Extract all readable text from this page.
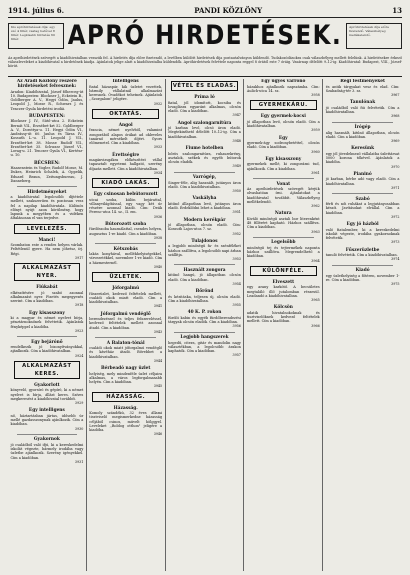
1914. július 6.	PANDI KÖZLÖNY	13
Kis apróhirdetések díja: egy szó 4 fillér, vastag betűvel 8 fillér. Legkisebb hirdetés 60 fillér.	APRÓ HIRDETÉSEK.	Apróhirdetések díja előre fizetendő. Válaszbélyeg mellékelendő.
Az apróhirdetések szövegét a kiadóhivatalban vesszük fel. A hirdetés díja előre fizetendő, a levélben küldött hirdetések díja postautalványon küldendő. Tudakozódásokra csak válaszbélyeg mellett felelünk. A hirdetésekre érkező válaszleveleket a kiadóhivatal a hirdetőnek kiadja. Ajánlatok jelige alatt a kiadóhivatalba küldendők. Apróhirdetések felvétele naponta reggel 8 órától este 7 óráig. Vasárnap délelőtt 9–12-ig. Kiadóhivatal: Budapest, VIII., József-körút.
Az Aradi Közlöny részére hirdetéseket felvesznek:
Aradon: Kiadóhivatal, József főherceg-út 10. Budapesten: Blockner J., Eckstein B., Goldberger A. V., Hegyi Ödön, Jaulus, Leopold J., Mosse R., Schwarz J. és Tenczer Gyula hirdetési irodái.
BUDAPESTEN:
Blockner J. IV., Sütő-utca 2. Eckstein Bernát VII., Erzsébet-krt 52. Goldberger A. V., Dorottya-u. 11. Hegyi Ödön VI., Andrássy-út 60. Jaulus és Társa IV., Kossuth L.-u. 11. Leopold J. VII., Erzsébet-krt 38. Mosse Rudolf VII., Erzsébet-krt 35. Schwarz József VI., Lovag-u. 21. Tenczer Gyula VI., Kertész-u. 10.
BÉCSBEN:
Haasenstein és Vogler, Rudolf Mosse, M. Dukes, Heinrich Schalek, A. Oppelik, Eduard Braun, Zeitungsbureau, J. Danneberg.
Hirdetményeket
a kiadóhivatal legolcsóbb díjtétele mellett, szakszerűen és pontosan vesz fel a napilap kiadóhivatala. Különös előnyt nyújt azon körülmény, hogy lapunk a megyében és a vidéken általánosan el van terjedve.
LEVELEZÉS.
Manci!
Szombaton este a rendes helyen várlak. Feltétlenül gyere. Ha nem jöhetsz, írj. Régi.
3917
ALKALMAZÁST NYER.
Fiúkabát
elkészítésére jó szabó azonnal alkalmazást nyer. Fizetés megegyezés szerint. Cím a kiadóban.
3918
Egy kisasszony
ki a magyar és német nyelvet bírja, pénztárnoknőnek felvétetik. Ajánlatok fényképpel a kiadóba.
3923
Egy bejárónő
rendelkezik jó bizonyítványokkal, ajánlkozik. Cím a kiadóhivatalban.
3924
ALKALMAZÁST KERES.
Gyakorlott
könyvelő, gyorsíró és gépíró, ki a német nyelvet is bírja, állást keres. Szíves megkeresést a kiadóhivatal továbbít.
3929
Egy intelligens
nő, háztartásban jártas, idősebb úr mellé gazdasszonynak ajánlkozik. Cím a kiadóban.
3930
Gyakornok
jó családból való ifjú, ki a kereskedelmi iskolát végezte, bármely irodába vagy üzletbe ajánlkozik. Szerény igényekkel. Cím a kiadóban.
3931
Intelligens
fiatal házaspár, kik üzletet vezettek, bármily vállalatnál alkalmazást keresnek. Óvadékot tehetnek. Ajánlatok ,,Szorgalom" jeligére.
3932
OKTATÁS.
Angol
francia, német nyelvből, valamint zongorából alapos órákat ad okleveles tanárnő mérsékelt díjért. Gyors előmenetel. Cím a kiadóban.
3933
Érettségire
magánvizsgákra előkészítést vállal tapasztalt egyetemi hallgató, szerény díjazás mellett. Cím a kiadóhivatalban.
3934
KIADÓ LAKÁS.
Egy csinosan bebútorozott
utcai szoba, külön bejárattal, villanyvilágítással, egy vagy két úr részére azonnal kiadó. Cím: Deák Ferenc-utca 14. sz., II. em.
3936
Bútorozott szoba
fürdőszoba használattal, csendes helyen, augusztus 1-re kiadó. Cím a kiadóban.
3938
Kétszobás
lakás konyhával, mellékhelyiségekkel, vízvezetékkel, november 1-re kiadó. Cím a házmesternél.
3940
ÜZLETEK.
Jóforgalmú
fűszerüzlet, kedvező feltételek mellett, családi okok miatt eladó. Cím a kiadóhivatalban.
3941
Jóforgalmú vendéglő
berendezéssel és teljes felszereléssel, kedvező feltételek mellett azonnal átadó. Cím a kiadóban.
3943
A Balaton-tónál
családi okok miatt jóforgalmú vendéglő és kávéház átadó. Bővebbet a kiadóhivatalban.
3944
Bérbeadó nagy üzlet
helyiség, mely mindenféle üzlet céljaira alkalmas, a város legforgalmasabb helyén. Cím a kiadóban.
3945
HÁZASSÁG.
Házasság.
Komoly szándékú, 32 éves állami tisztviselő megismerkedne házasság céljából csinos, müvelt hölggyel. Leveleket ,,Boldog otthon" jeligére a kiadóba.
3946
VÉTEL ÉS ELADÁS.
Príma ló
fiatal, jól idomított, kocsiba és lovaglásra egyaránt alkalmas, olcsón eladó. Cím a kiadóban.
3947
Angol szalongarnitúra
jó karban levő, olcsó áron eladó. Megtekinthető délelőtt 10–12-ig. Cím a kiadóhivatalban.
3948
Fiume hotelben
bőrös szalongarnitúra, ruhaszekrény, asztalok, székek és egyéb bútorok olcsón eladók.
3949
Varrógép,
Singer-féle, alig használt, jutányos áron eladó. Cím a kiadóhivatalban.
3950
Vaskályha
kitűnő állapotban levő, jutányos áron eladó. Érdeklődni lehet a kiadóban.
3951
Modern kerékpár
jó állapotban, olcsón eladó. Cím: Kossuth Lajos-utca 7. sz.
3952
Tulajdonos
a legjobb minőségű fa- és szénféléket házhoz szállítva, a legolcsóbb napi árban szállítja.
3953
Használt zongora
kitűnő hangú, jó állapotban olcsón eladó. Cím a kiadóban.
3954
Bőrönd
és kézitáska, teljesen új, olcsón eladó. Cím a kiadóhivatalban.
3955
40 K. P. rokon
fürdői kabin és egyéb fürdőberendezési tárgyak olcsón eladók. Cím a kiadóban.
3956
Legjobb hangszerek
hegedű, citera, gitár és mandolin nagy választékban, a legolcsóbb árakon kaphatók. Cím a kiadóban.
3957
Egy ügyes varrónő
házakhoz ajánlkozik napszámba. Cím: Aulich-utca 14. sz.
3958
GYERMEKÁRU.
Egy gyermek-kocsi
jó állapotban levő, olcsón eladó. Cím a kiadóhivatalban.
3959
Egy
gyermek-ágy sodronybetéttel, olcsón eladó. Cím a kiadóban.
3960
Egy kisasszony
gyermekek mellé, ki zongorázni tud, ajánlkozik. Cím a kiadóban.
3961
Vonat
Az apróhirdetések szövegét kérjük olvashatóan írni. Ajánlatokat a kiadóhivatal továbbít. Válaszbélyeg mellékelendő.
3962
Natura
Kiváló minőségű asztali bor literenként 48 fillérért kapható. Házhoz szállítva. Cím a kiadóban.
3963
Legelsőbb
minőségű tej és tejtermékek naponta házhoz szállítva. Megrendelhető a kiadóban.
3964
KÜLÖNFÉLE.
Elveszett
egy arany karkötő. A becsületes megtaláló illő jutalomban részesül. Leadandó a kiadóhivatalban.
3965
Kölcsön
adatik hivatalnokoknak és tisztviselőknek kedvező feltételek mellett. Cím a kiadóban.
3966
Régi festményeket
és antik tárgyakat vesz és elad. Cím: Szabadság-tér 3. sz.
3967
Tanulónak
jó családból való fiú felvétetik. Cím a kiadóhivatalban.
3968
Írógép
alig használt, kitűnő állapotban, olcsón eladó. Cím a kiadóban.
3969
Keresünk
egy jól jövedelmező vállalatba üzlettársat 5000 korona tőkével. Ajánlatok a kiadóba.
3970
Pianinó
jó karban, bérbe adó vagy eladó. Cím a kiadóhivatalban.
3971
Szabó
férfi és női ruhákat a legjutányosabban készít. Javításokat elvállal. Cím a kiadóban.
3972
Egy jó házból
való fiatalember, ki a kereskedelmi iskolát végezte, irodába gyakornoknak felvétetik.
3973
Fűszerüzletbe
tanuló felvétetik. Cím a kiadóhivatalban.
3974
Kiadó
egy üzlethelyiség a főtéren, november 1-re. Cím a kiadóban.
3975
